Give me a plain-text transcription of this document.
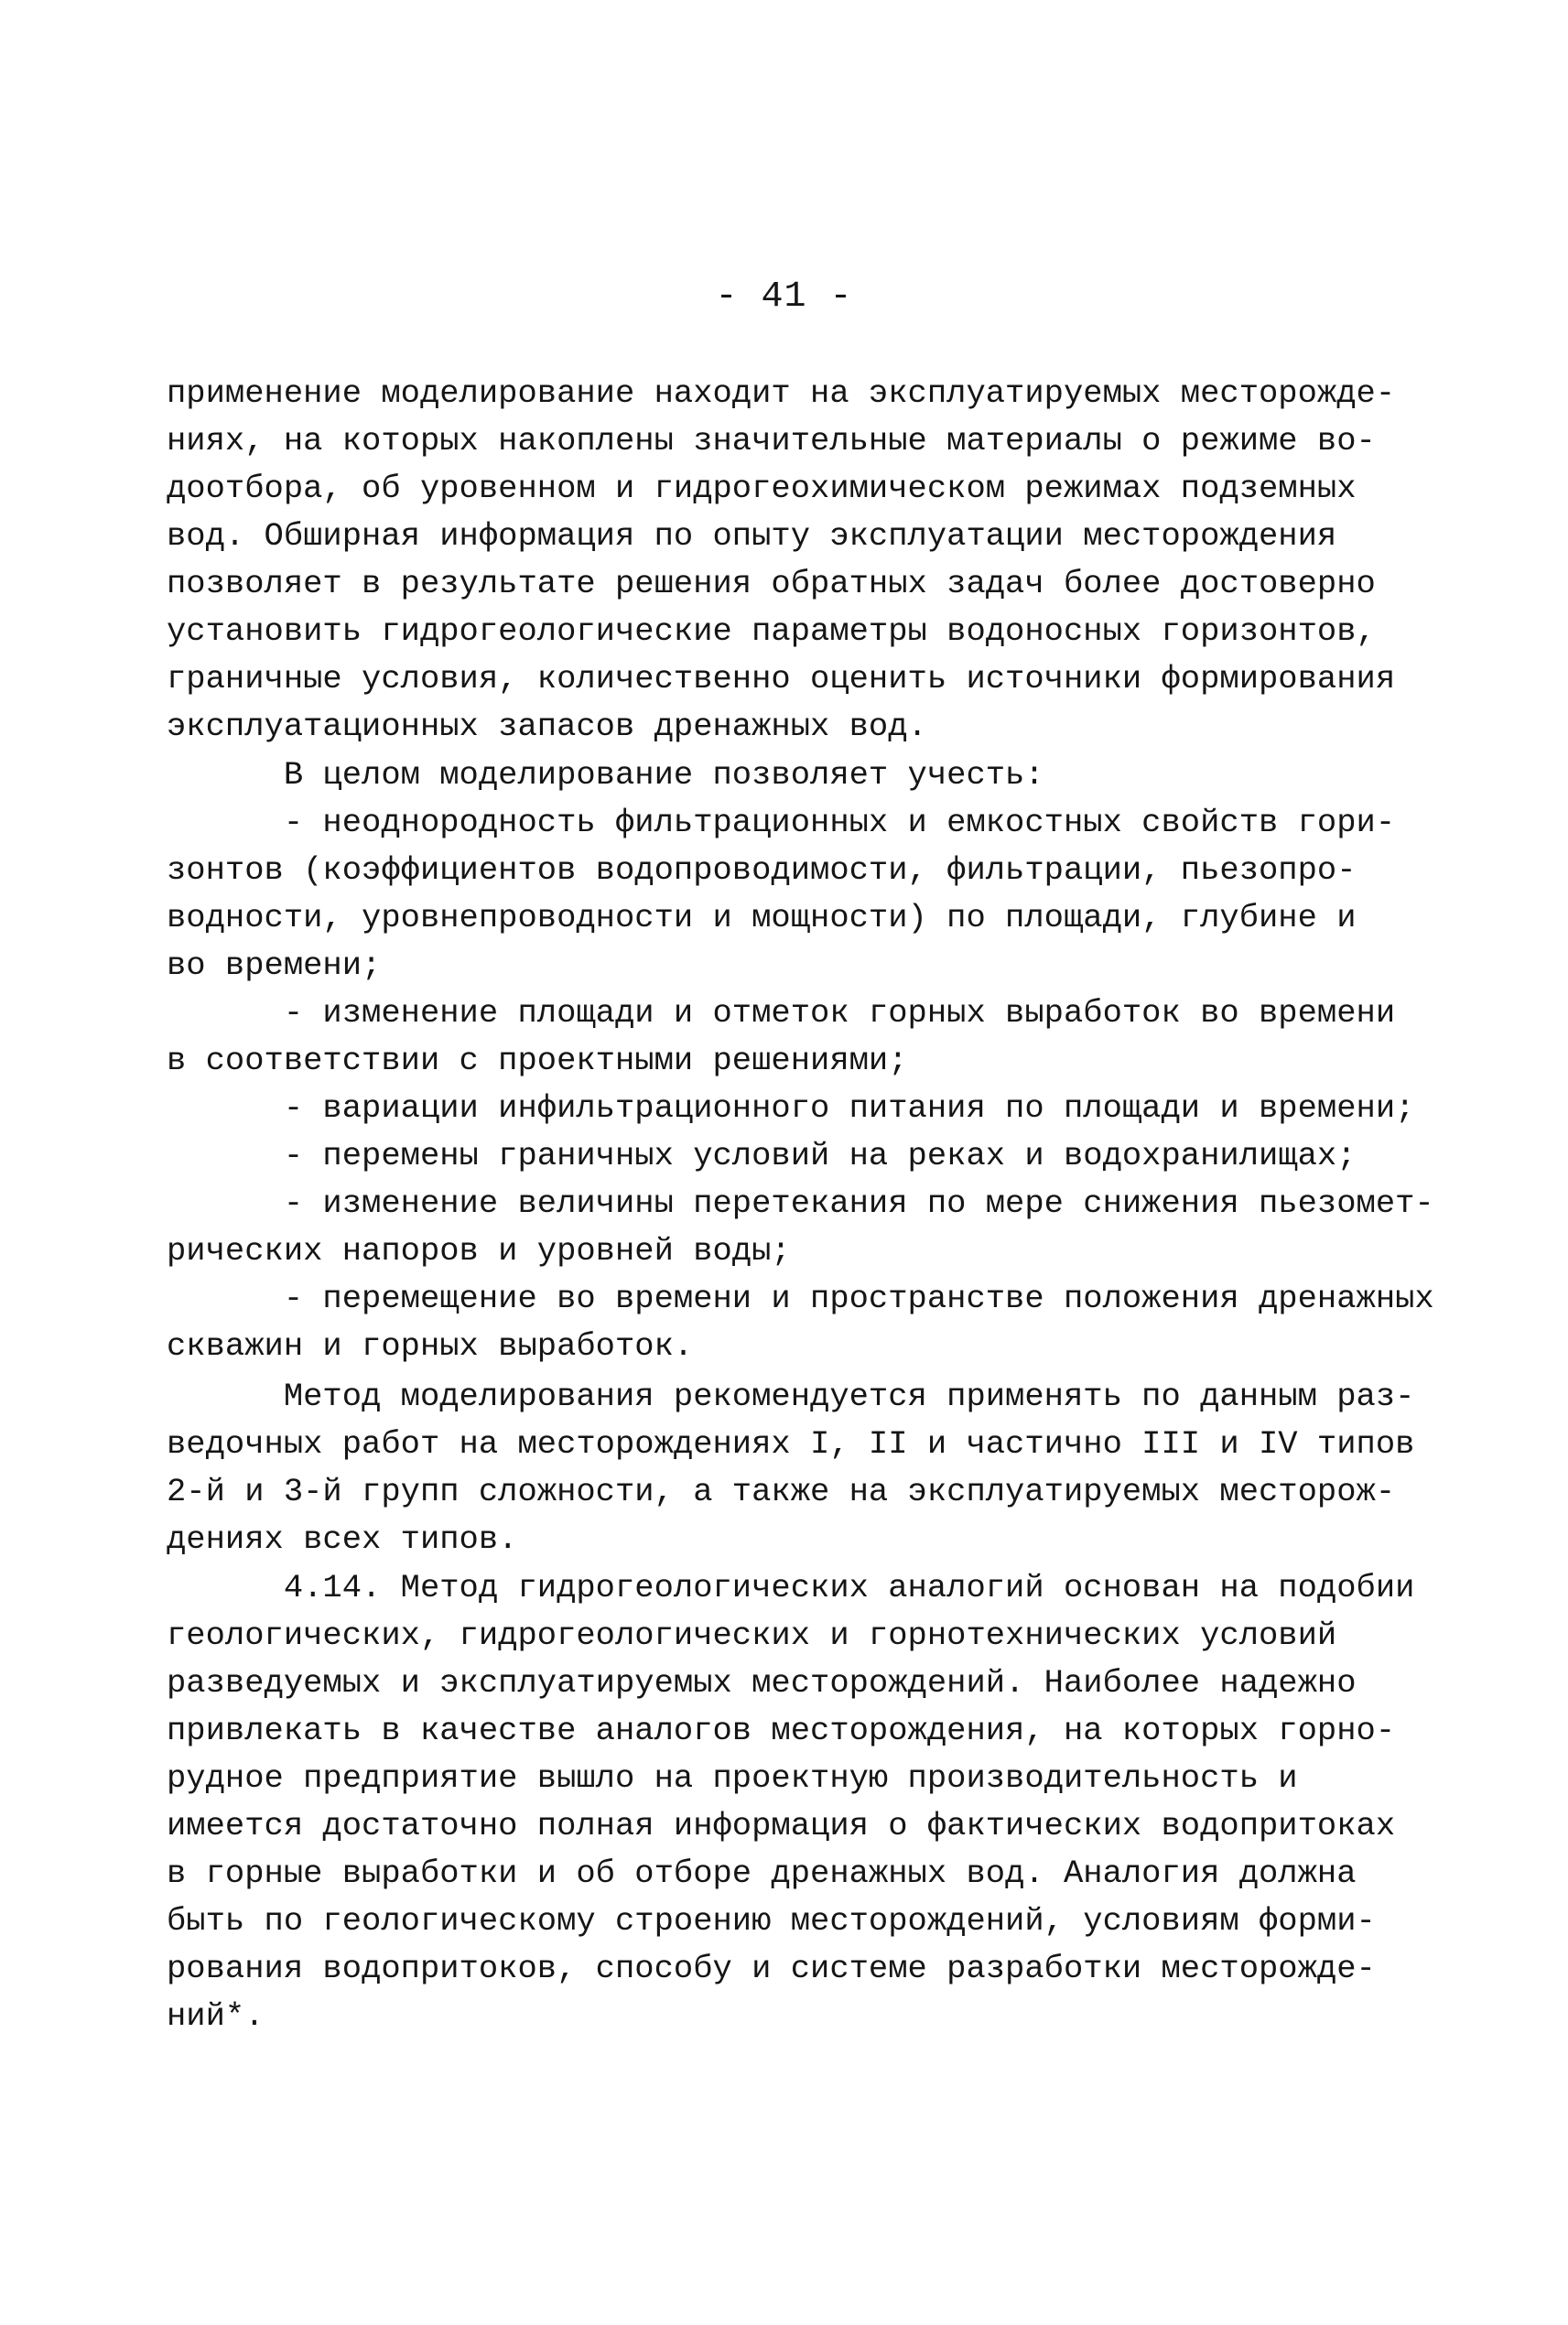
- 41 -
применение моделирование находит на эксплуатируемых месторожде-
ниях, на которых накоплены значительные материалы о режиме во-
доотбора, об уровенном и гидрогеохимическом режимах подземных
вод. Обширная информация по опыту эксплуатации месторождения
позволяет в результате решения обратных задач более достоверно
установить гидрогеологические параметры водоносных горизонтов,
граничные условия, количественно оценить источники формирования
эксплуатационных запасов дренажных вод.
В целом моделирование позволяет учесть:
- неоднородность фильтрационных и емкостных свойств гори-
зонтов (коэффициентов водопроводимости, фильтрации, пьезопро-
водности, уровнепроводности и мощности) по площади, глубине и
во времени;
- изменение площади и отметок горных выработок во времени
в соответствии с проектными решениями;
- вариации инфильтрационного питания по площади и времени;
- перемены граничных условий на реках и водохранилищах;
- изменение величины перетекания по мере снижения пьезомет-
рических напоров и уровней воды;
- перемещение во времени и пространстве положения дренажных
скважин и горных выработок.
Метод моделирования рекомендуется применять по данным раз-
ведочных работ на месторождениях I, II и частично III и IV типов
2-й и 3-й групп сложности, а также на эксплуатируемых месторож-
дениях всех типов.
4.14. Метод гидрогеологических аналогий основан на подобии
геологических, гидрогеологических и горнотехнических условий
разведуемых и эксплуатируемых месторождений. Наиболее надежно
привлекать в качестве аналогов месторождения, на которых горно-
рудное предприятие вышло на проектную производительность и
имеется достаточно полная информация о фактических водопритоках
в горные выработки и об отборе дренажных вод. Аналогия должна
быть по геологическому строению месторождений, условиям форми-
рования водопритоков, способу и системе разработки месторожде-
ний*.
